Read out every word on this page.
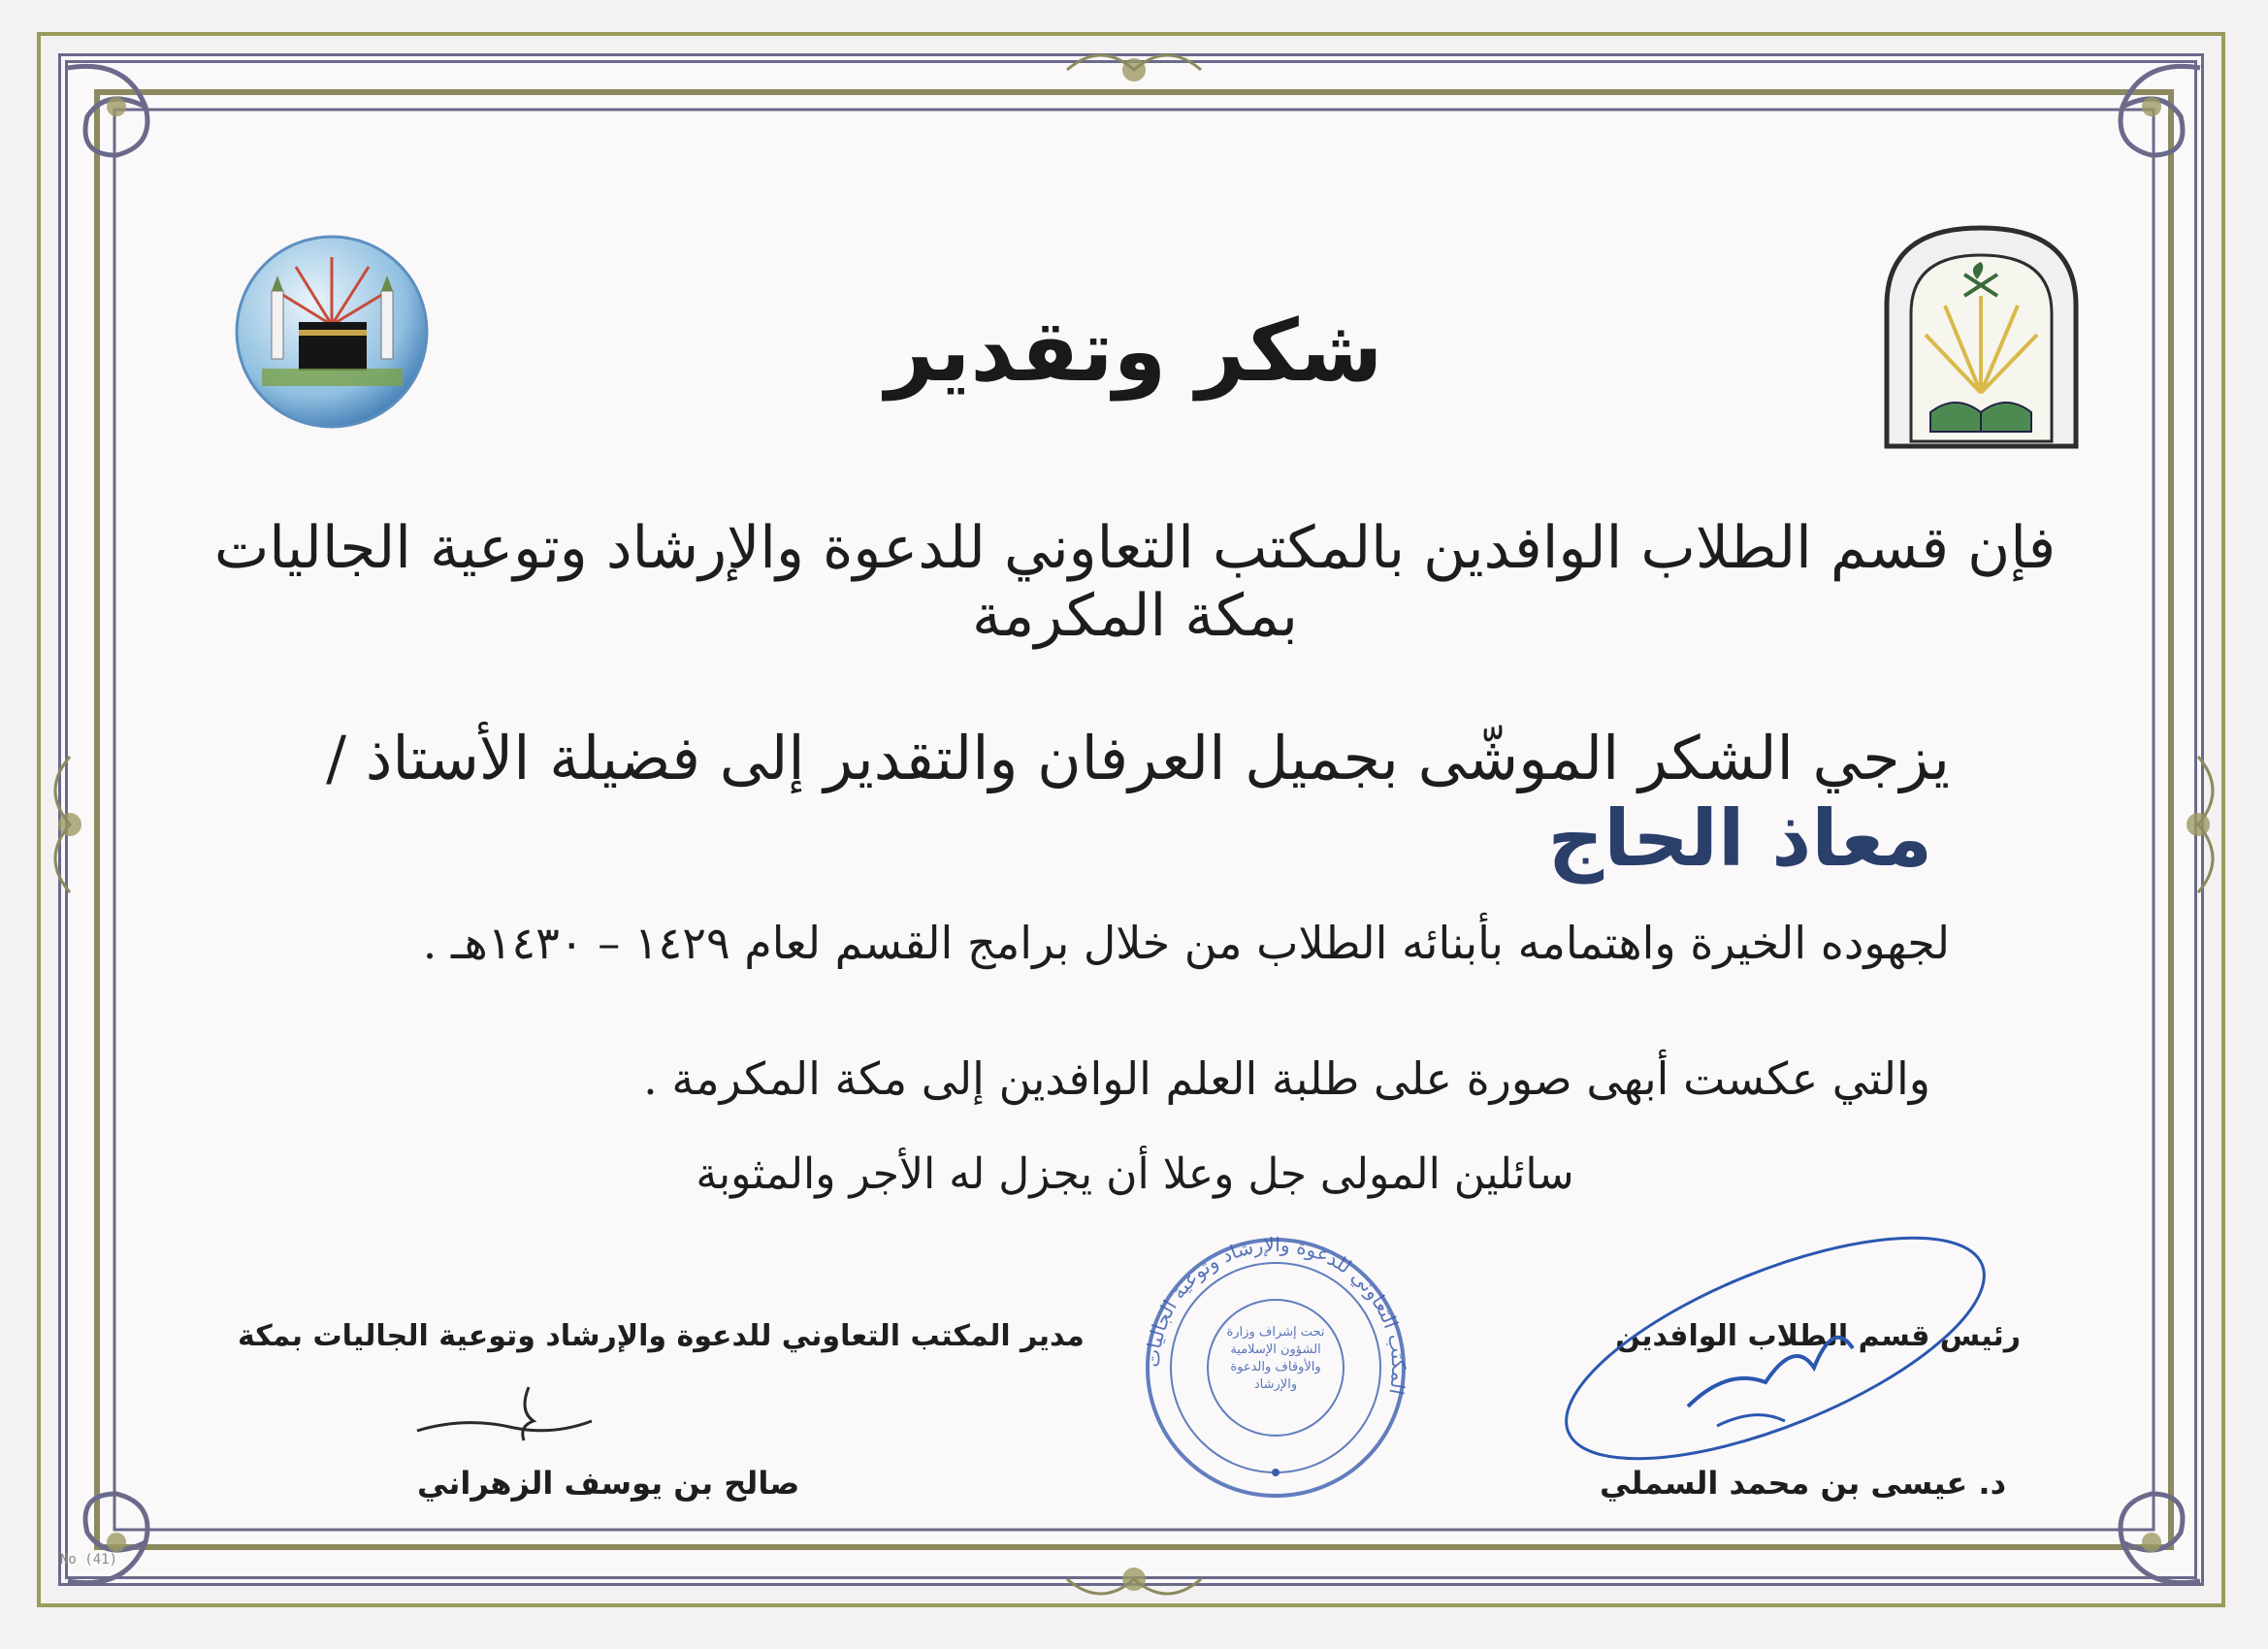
شكر وتقدير
فإن قسم الطلاب الوافدين بالمكتب التعاوني للدعوة والإرشاد وتوعية الجاليات بمكة المكرمة
يزجي الشكر الموشّى بجميل العرفان والتقدير إلى فضيلة الأستاذ / معاذ الحاج
لجهوده الخيرة واهتمامه بأبنائه الطلاب من خلال برامج القسم لعام ١٤٢٩ – ١٤٣٠هـ .
والتي عكست أبهى صورة على طلبة العلم الوافدين إلى مكة المكرمة .
سائلين المولى جل وعلا أن يجزل له الأجر والمثوبة
مدير المكتب التعاوني للدعوة والإرشاد وتوعية الجاليات بمكة	رئيس قسم الطلاب الوافدين
المكتب التعاوني للدعوة والإرشاد وتوعية الجاليات
تحت إشراف وزارة الشؤون الإسلامية والأوقاف والدعوة والإرشاد
صالح بن يوسف الزهراني	د. عيسى بن محمد السملي
No (41)
